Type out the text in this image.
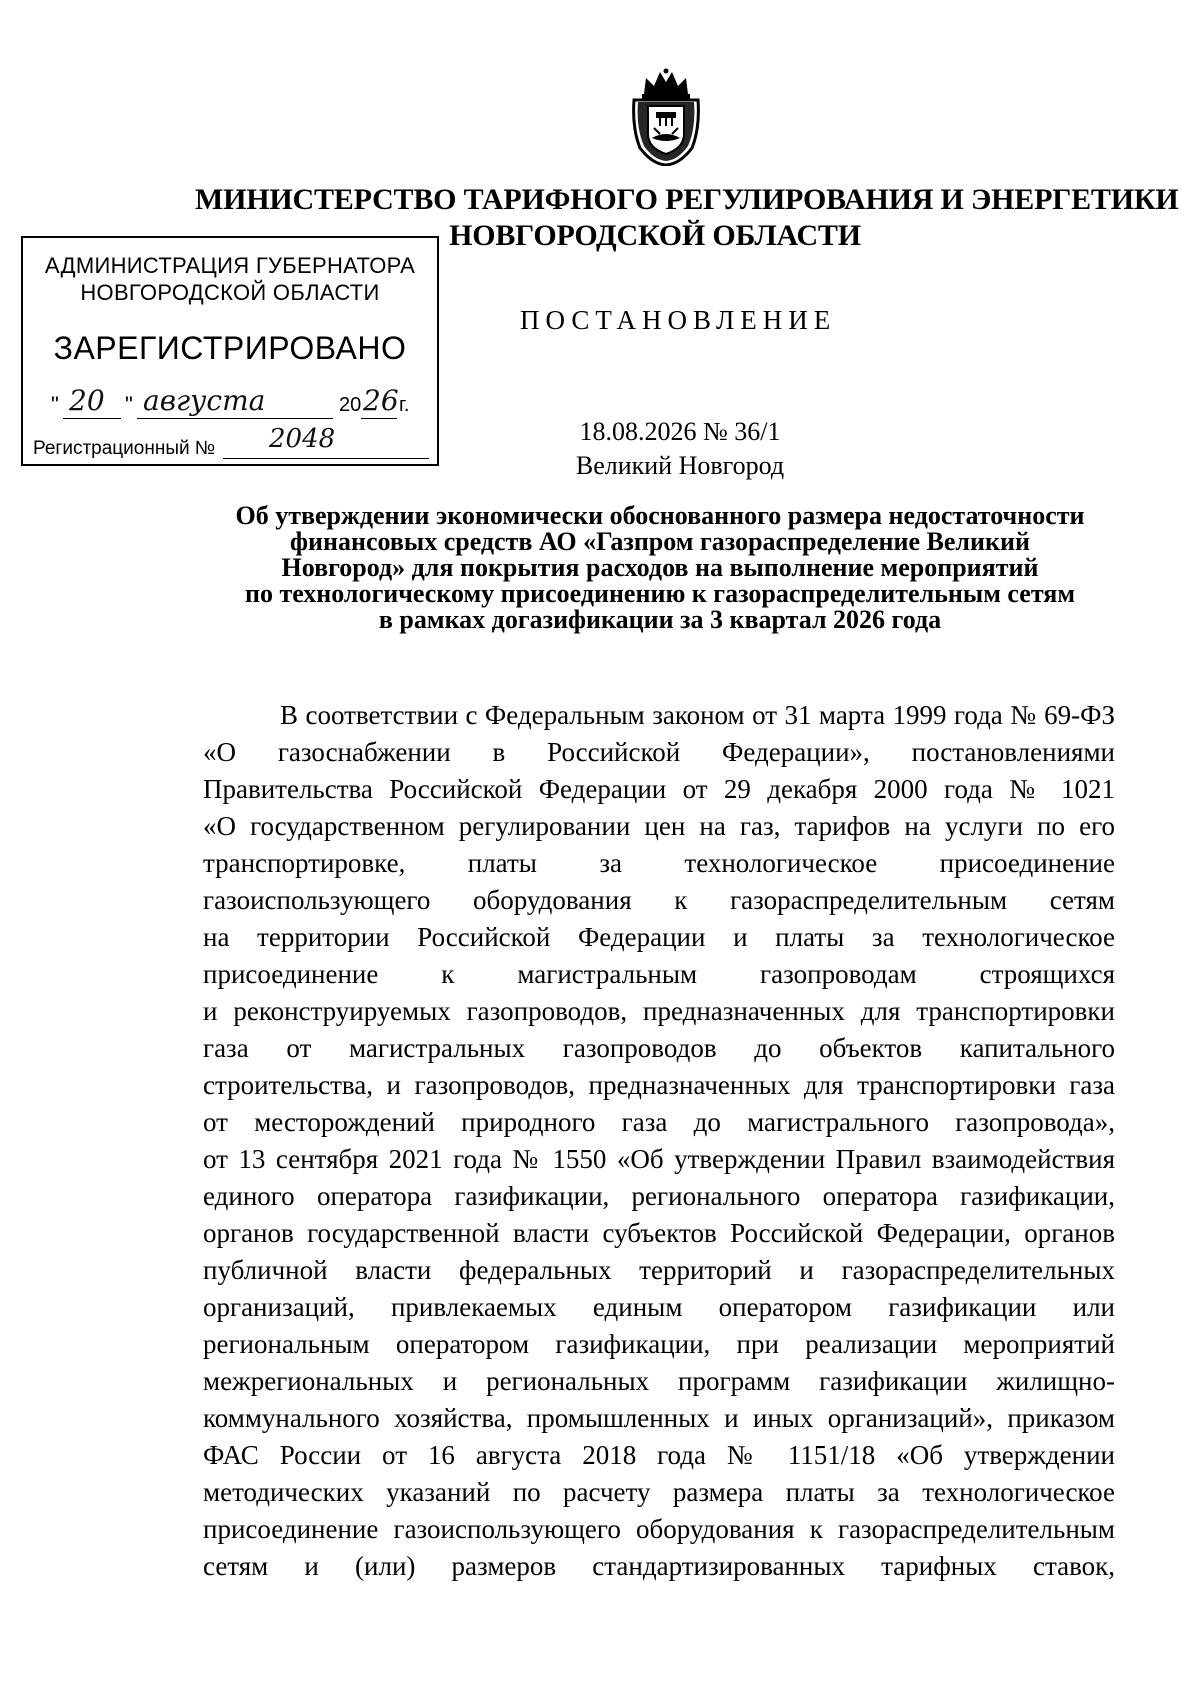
МИНИСТЕРСТВО ТАРИФНОГО РЕГУЛИРОВАНИЯ И ЭНЕРГЕТИКИ
НОВГОРОДСКОЙ ОБЛАСТИ
АДМИНИСТРАЦИЯ ГУБЕРНАТОРА
НОВГОРОДСКОЙ ОБЛАСТИ
ЗАРЕГИСТРИРОВАНО
" 20 " августа	20 26 г.
Регистрационный № 2048
ПОСТАНОВЛЕНИЕ
18.08.2026 № 36/1
Великий Новгород
Об утверждении экономически обоснованного размера недостаточности
финансовых средств АО «Газпром газораспределение Великий
Новгород» для покрытия расходов на выполнение мероприятий
по технологическому присоединению к газораспределительным сетям
в рамках догазификации за 3 квартал 2026 года
В соответствии с Федеральным законом от 31 марта 1999 года № 69-ФЗ
«О газоснабжении в Российской Федерации», постановлениями
Правительства Российской Федерации от 29 декабря 2000 года № 1021
«О государственном регулировании цен на газ, тарифов на услуги по его
транспортировке, платы за технологическое присоединение
газоиспользующего оборудования к газораспределительным сетям
на территории Российской Федерации и платы за технологическое
присоединение к магистральным газопроводам строящихся
и реконструируемых газопроводов, предназначенных для транспортировки
газа от магистральных газопроводов до объектов капитального
строительства, и газопроводов, предназначенных для транспортировки газа
от месторождений природного газа до магистрального газопровода»,
от 13 сентября 2021 года № 1550 «Об утверждении Правил взаимодействия
единого оператора газификации, регионального оператора газификации,
органов государственной власти субъектов Российской Федерации, органов
публичной власти федеральных территорий и газораспределительных
организаций, привлекаемых единым оператором газификации или
региональным оператором газификации, при реализации мероприятий
межрегиональных и региональных программ газификации жилищно-
коммунального хозяйства, промышленных и иных организаций», приказом
ФАС России от 16 августа 2018 года № 1151/18 «Об утверждении
методических указаний по расчету размера платы за технологическое
присоединение газоиспользующего оборудования к газораспределительным
сетям и (или) размеров стандартизированных тарифных ставок,
